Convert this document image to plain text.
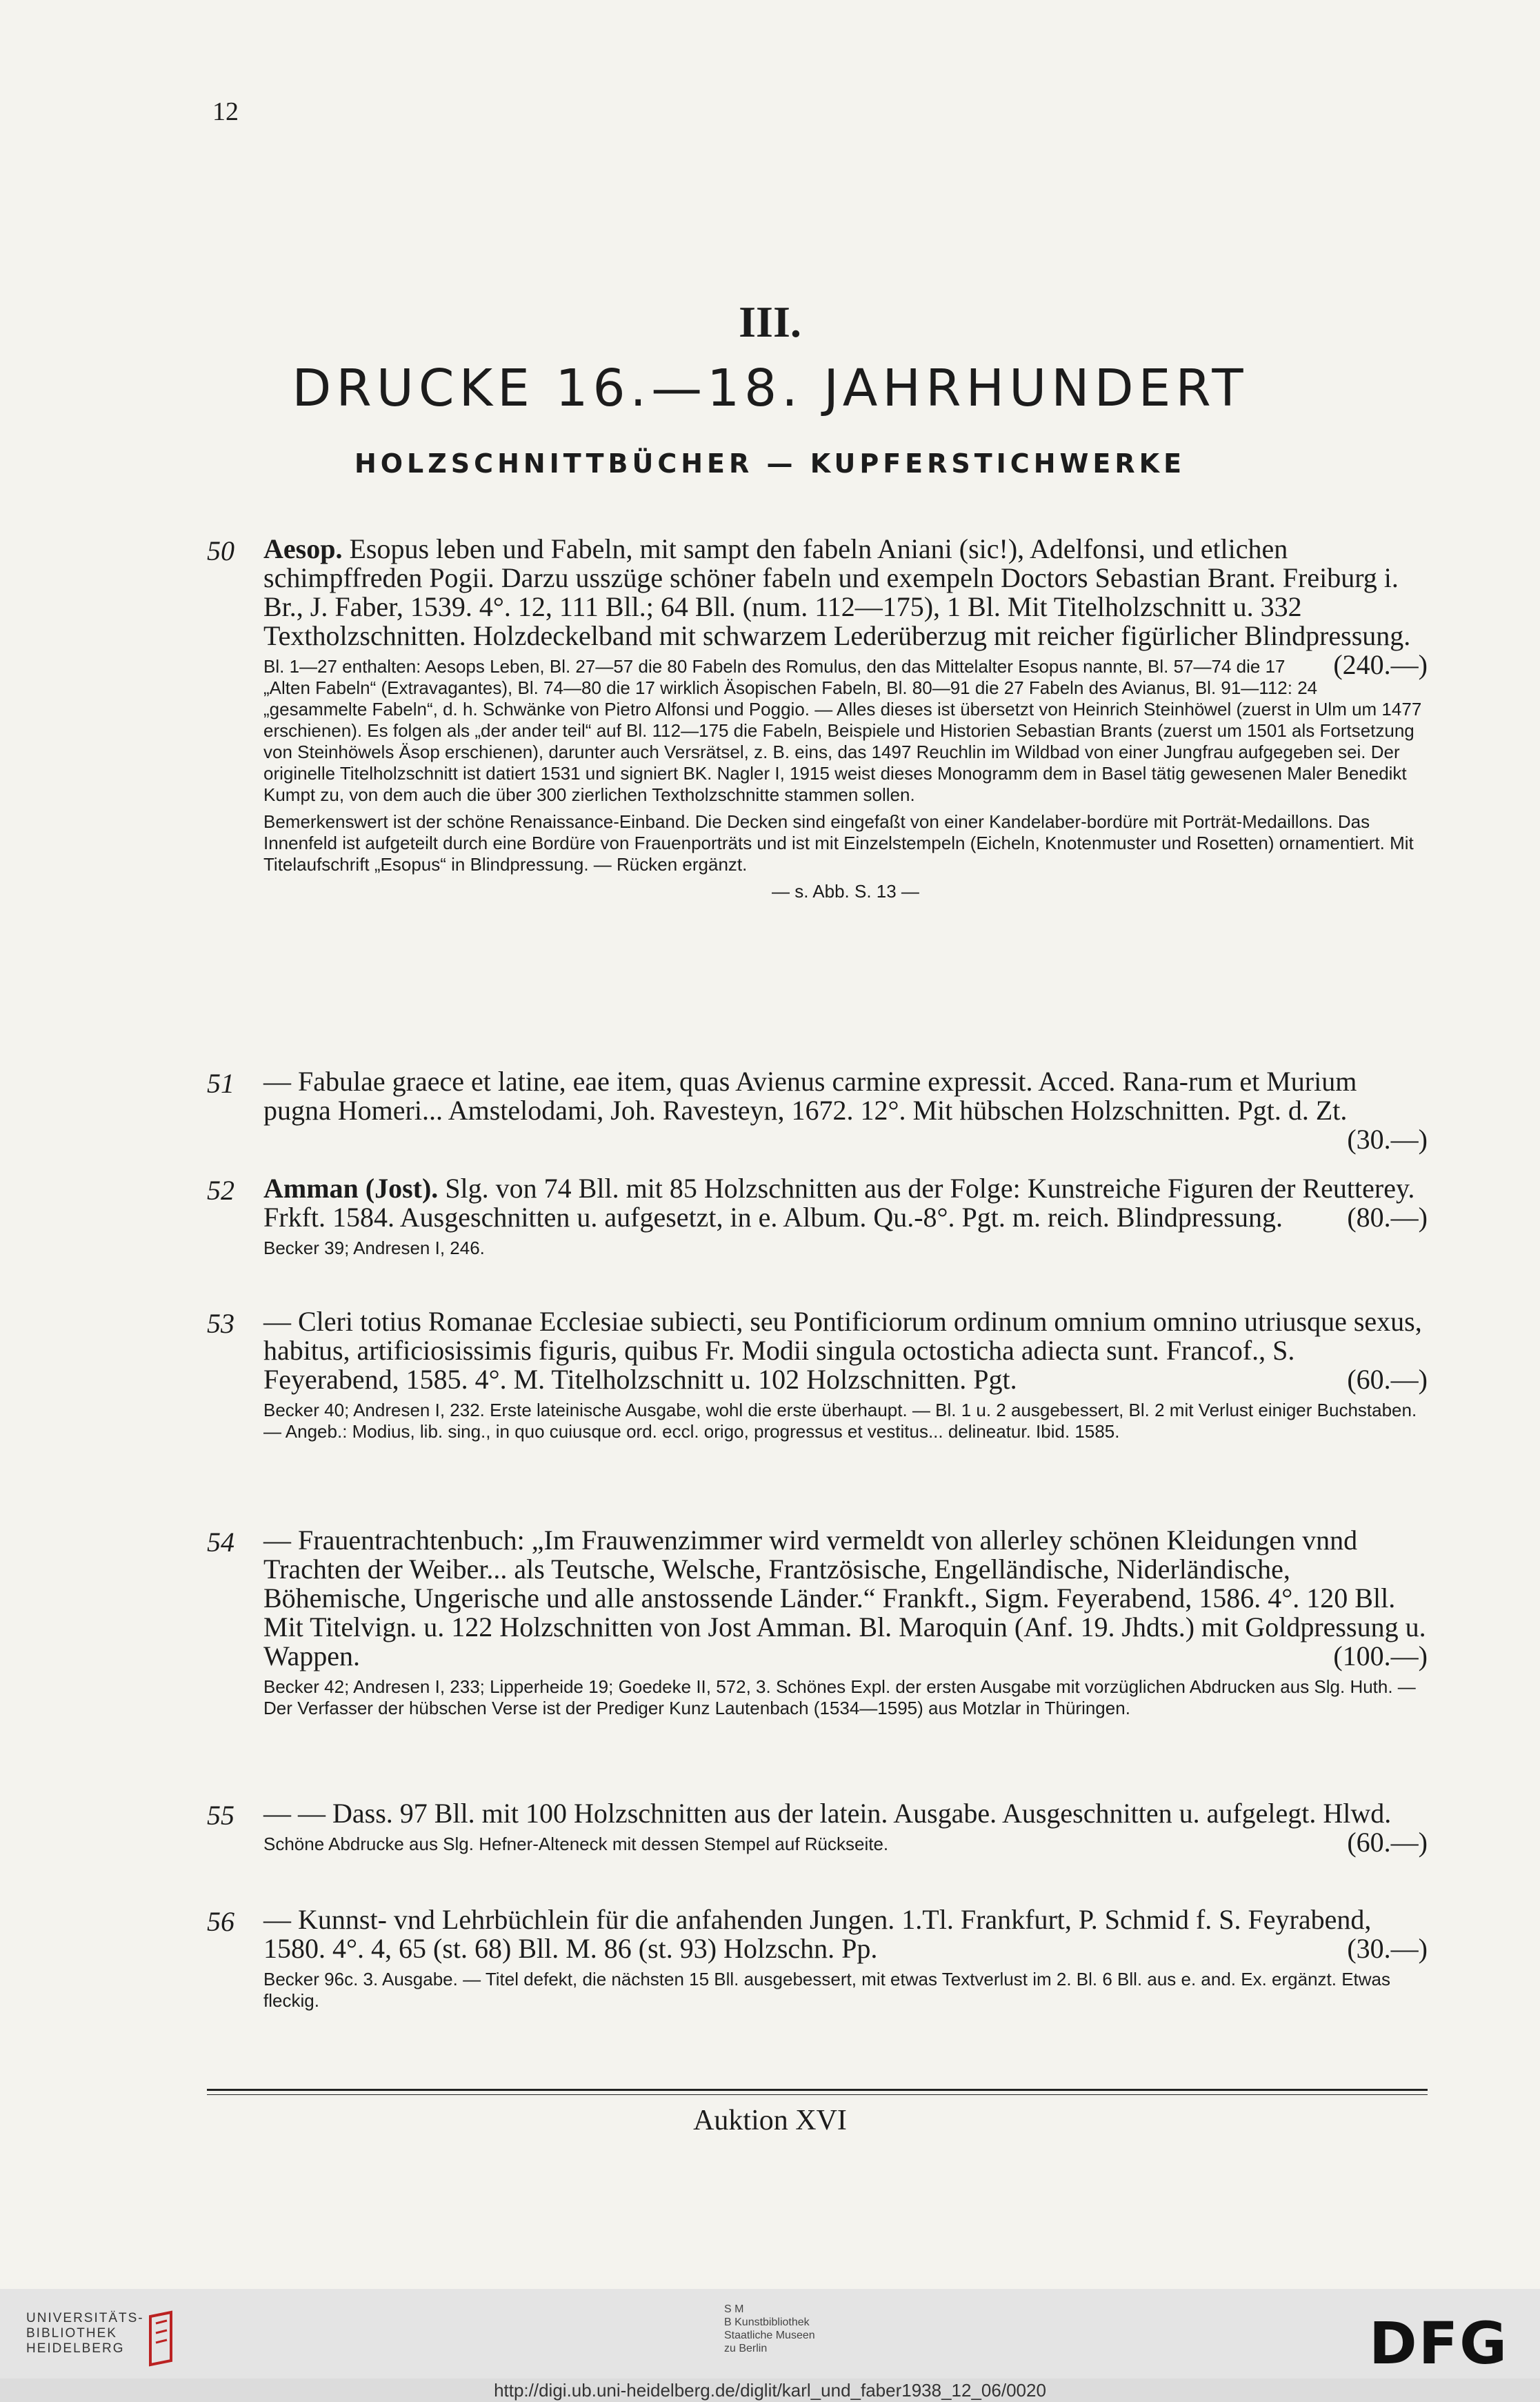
12
III.
DRUCKE 16.—18. JAHRHUNDERT
HOLZSCHNITTBÜCHER — KUPFERSTICHWERKE
50	Aesop. Esopus leben und Fabeln, mit sampt den fabeln Aniani (sic!), Adelfonsi, und etlichen schimpffreden Pogii. Darzu usszüge schöner fabeln und exempeln Doctors Sebastian Brant. Freiburg i. Br., J. Faber, 1539. 4°. 12, 111 Bll.; 64 Bll. (num. 112—175), 1 Bl. Mit Titelholzschnitt u. 332 Textholzschnitten. Holzdeckelband mit schwarzem Lederüberzug mit reicher figürlicher Blindpressung.
(240.—)
Bl. 1—27 enthalten: Aesops Leben, Bl. 27—57 die 80 Fabeln des Romulus, den das Mittelalter Esopus nannte, Bl. 57—74 die 17 „Alten Fabeln“ (Extravagantes), Bl. 74—80 die 17 wirklich Äsopischen Fabeln, Bl. 80—91 die 27 Fabeln des Avianus, Bl. 91—112: 24 „gesammelte Fabeln“, d. h. Schwänke von Pietro Alfonsi und Poggio. — Alles dieses ist übersetzt von Heinrich Steinhöwel (zuerst in Ulm um 1477 erschienen). Es folgen als „der ander teil“ auf Bl. 112—175 die Fabeln, Beispiele und Historien Sebastian Brants (zuerst um 1501 als Fortsetzung von Steinhöwels Äsop erschienen), darunter auch Versrätsel, z. B. eins, das 1497 Reuchlin im Wildbad von einer Jungfrau aufgegeben sei. Der originelle Titelholzschnitt ist datiert 1531 und signiert BK. Nagler I, 1915 weist dieses Monogramm dem in Basel tätig gewesenen Maler Benedikt Kumpt zu, von dem auch die über 300 zierlichen Textholzschnitte stammen sollen.
Bemerkenswert ist der schöne Renaissance-Einband. Die Decken sind eingefaßt von einer Kandelaber-bordüre mit Porträt-Medaillons. Das Innenfeld ist aufgeteilt durch eine Bordüre von Frauenporträts und ist mit Einzelstempeln (Eicheln, Knotenmuster und Rosetten) ornamentiert. Mit Titelaufschrift „Esopus“ in Blindpressung. — Rücken ergänzt.
— s. Abb. S. 13 —
51	— Fabulae graece et latine, eae item, quas Avienus carmine expressit. Acced. Rana-rum et Murium pugna Homeri... Amstelodami, Joh. Ravesteyn, 1672. 12°. Mit hübschen Holzschnitten. Pgt. d. Zt.
(30.—)
52	Amman (Jost). Slg. von 74 Bll. mit 85 Holzschnitten aus der Folge: Kunstreiche Figuren der Reutterey. Frkft. 1584. Ausgeschnitten u. aufgesetzt, in e. Album. Qu.-8°. Pgt. m. reich. Blindpressung. (80.—)
Becker 39; Andresen I, 246.
53	— Cleri totius Romanae Ecclesiae subiecti, seu Pontificiorum ordinum omnium omnino utriusque sexus, habitus, artificiosissimis figuris, quibus Fr. Modii singula octosticha adiecta sunt. Francof., S. Feyerabend, 1585. 4°. M. Titelholzschnitt u. 102 Holzschnitten. Pgt.	(60.—)
Becker 40; Andresen I, 232. Erste lateinische Ausgabe, wohl die erste überhaupt. — Bl. 1 u. 2 ausgebessert, Bl. 2 mit Verlust einiger Buchstaben. — Angeb.: Modius, lib. sing., in quo cuiusque ord. eccl. origo, progressus et vestitus... delineatur. Ibid. 1585.
54	— Frauentrachtenbuch: „Im Frauwenzimmer wird vermeldt von allerley schönen Kleidungen vnnd Trachten der Weiber... als Teutsche, Welsche, Frantzösische, Engelländische, Niderländische, Böhemische, Ungerische und alle anstossende Länder.“ Frankft., Sigm. Feyerabend, 1586. 4°. 120 Bll. Mit Titelvign. u. 122 Holzschnitten von Jost Amman. Bl. Maroquin (Anf. 19. Jhdts.) mit Goldpressung u. Wappen.	(100.—)
Becker 42; Andresen I, 233; Lipperheide 19; Goedeke II, 572, 3. Schönes Expl. der ersten Ausgabe mit vorzüglichen Abdrucken aus Slg. Huth. — Der Verfasser der hübschen Verse ist der Prediger Kunz Lautenbach (1534—1595) aus Motzlar in Thüringen.
55	— — Dass. 97 Bll. mit 100 Holzschnitten aus der latein. Ausgabe. Ausgeschnitten u. aufgelegt. Hlwd.
(60.—)
Schöne Abdrucke aus Slg. Hefner-Alteneck mit dessen Stempel auf Rückseite.
56	— Kunnst- vnd Lehrbüchlein für die anfahenden Jungen. 1.Tl. Frankfurt, P. Schmid f. S. Feyrabend, 1580. 4°. 4, 65 (st. 68) Bll. M. 86 (st. 93) Holzschn. Pp.	(30.—)
Becker 96c. 3. Ausgabe. — Titel defekt, die nächsten 15 Bll. ausgebessert, mit etwas Textverlust im 2. Bl. 6 Bll. aus e. and. Ex. ergänzt. Etwas fleckig.
Auktion XVI
UNIVERSITÄTS-
BIBLIOTHEK
HEIDELBERG
S M
B Kunstbibliothek
Staatliche Museen
zu Berlin	DFG
http://digi.ub.uni-heidelberg.de/diglit/karl_und_faber1938_12_06/0020
